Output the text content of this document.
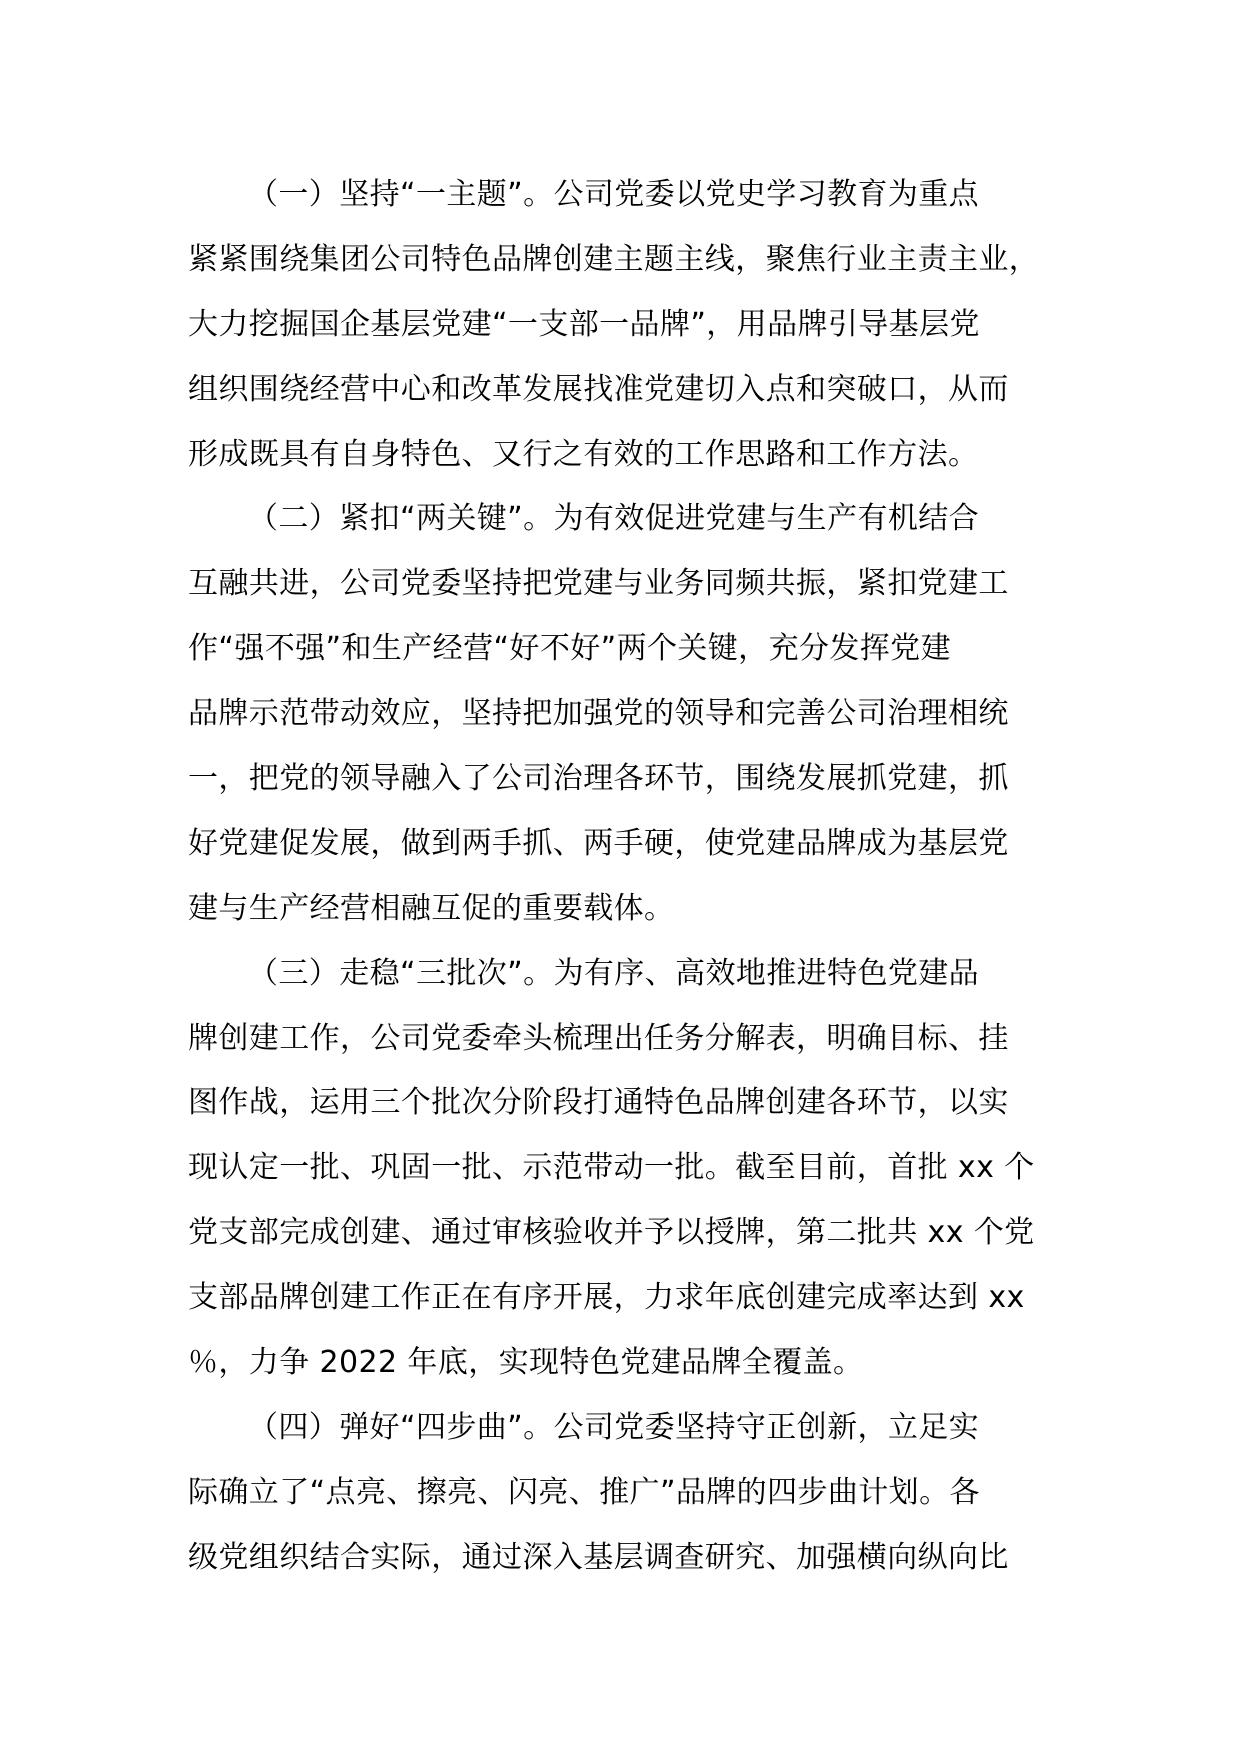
（一）坚持“一主题”。公司党委以党史学习教育为重点
紧紧围绕集团公司特色品牌创建主题主线，聚焦行业主责主业，
大力挖掘国企基层党建“一支部一品牌”，用品牌引导基层党
组织围绕经营中心和改革发展找准党建切入点和突破口，从而
形成既具有自身特色、又行之有效的工作思路和工作方法。
（二）紧扣“两关键”。为有效促进党建与生产有机结合
互融共进，公司党委坚持把党建与业务同频共振，紧扣党建工
作“强不强”和生产经营“好不好”两个关键，充分发挥党建
品牌示范带动效应，坚持把加强党的领导和完善公司治理相统
一，把党的领导融入了公司治理各环节，围绕发展抓党建，抓
好党建促发展，做到两手抓、两手硬，使党建品牌成为基层党
建与生产经营相融互促的重要载体。
（三）走稳“三批次”。为有序、高效地推进特色党建品
牌创建工作，公司党委牵头梳理出任务分解表，明确目标、挂
图作战，运用三个批次分阶段打通特色品牌创建各环节，以实
现认定一批、巩固一批、示范带动一批。截至目前，首批 xx 个
党支部完成创建、通过审核验收并予以授牌，第二批共 xx 个党
支部品牌创建工作正在有序开展，力求年底创建完成率达到 xx
％，力争 2022 年底，实现特色党建品牌全覆盖。
（四）弹好“四步曲”。公司党委坚持守正创新，立足实
际确立了“点亮、擦亮、闪亮、推广”品牌的四步曲计划。各
级党组织结合实际，通过深入基层调查研究、加强横向纵向比
